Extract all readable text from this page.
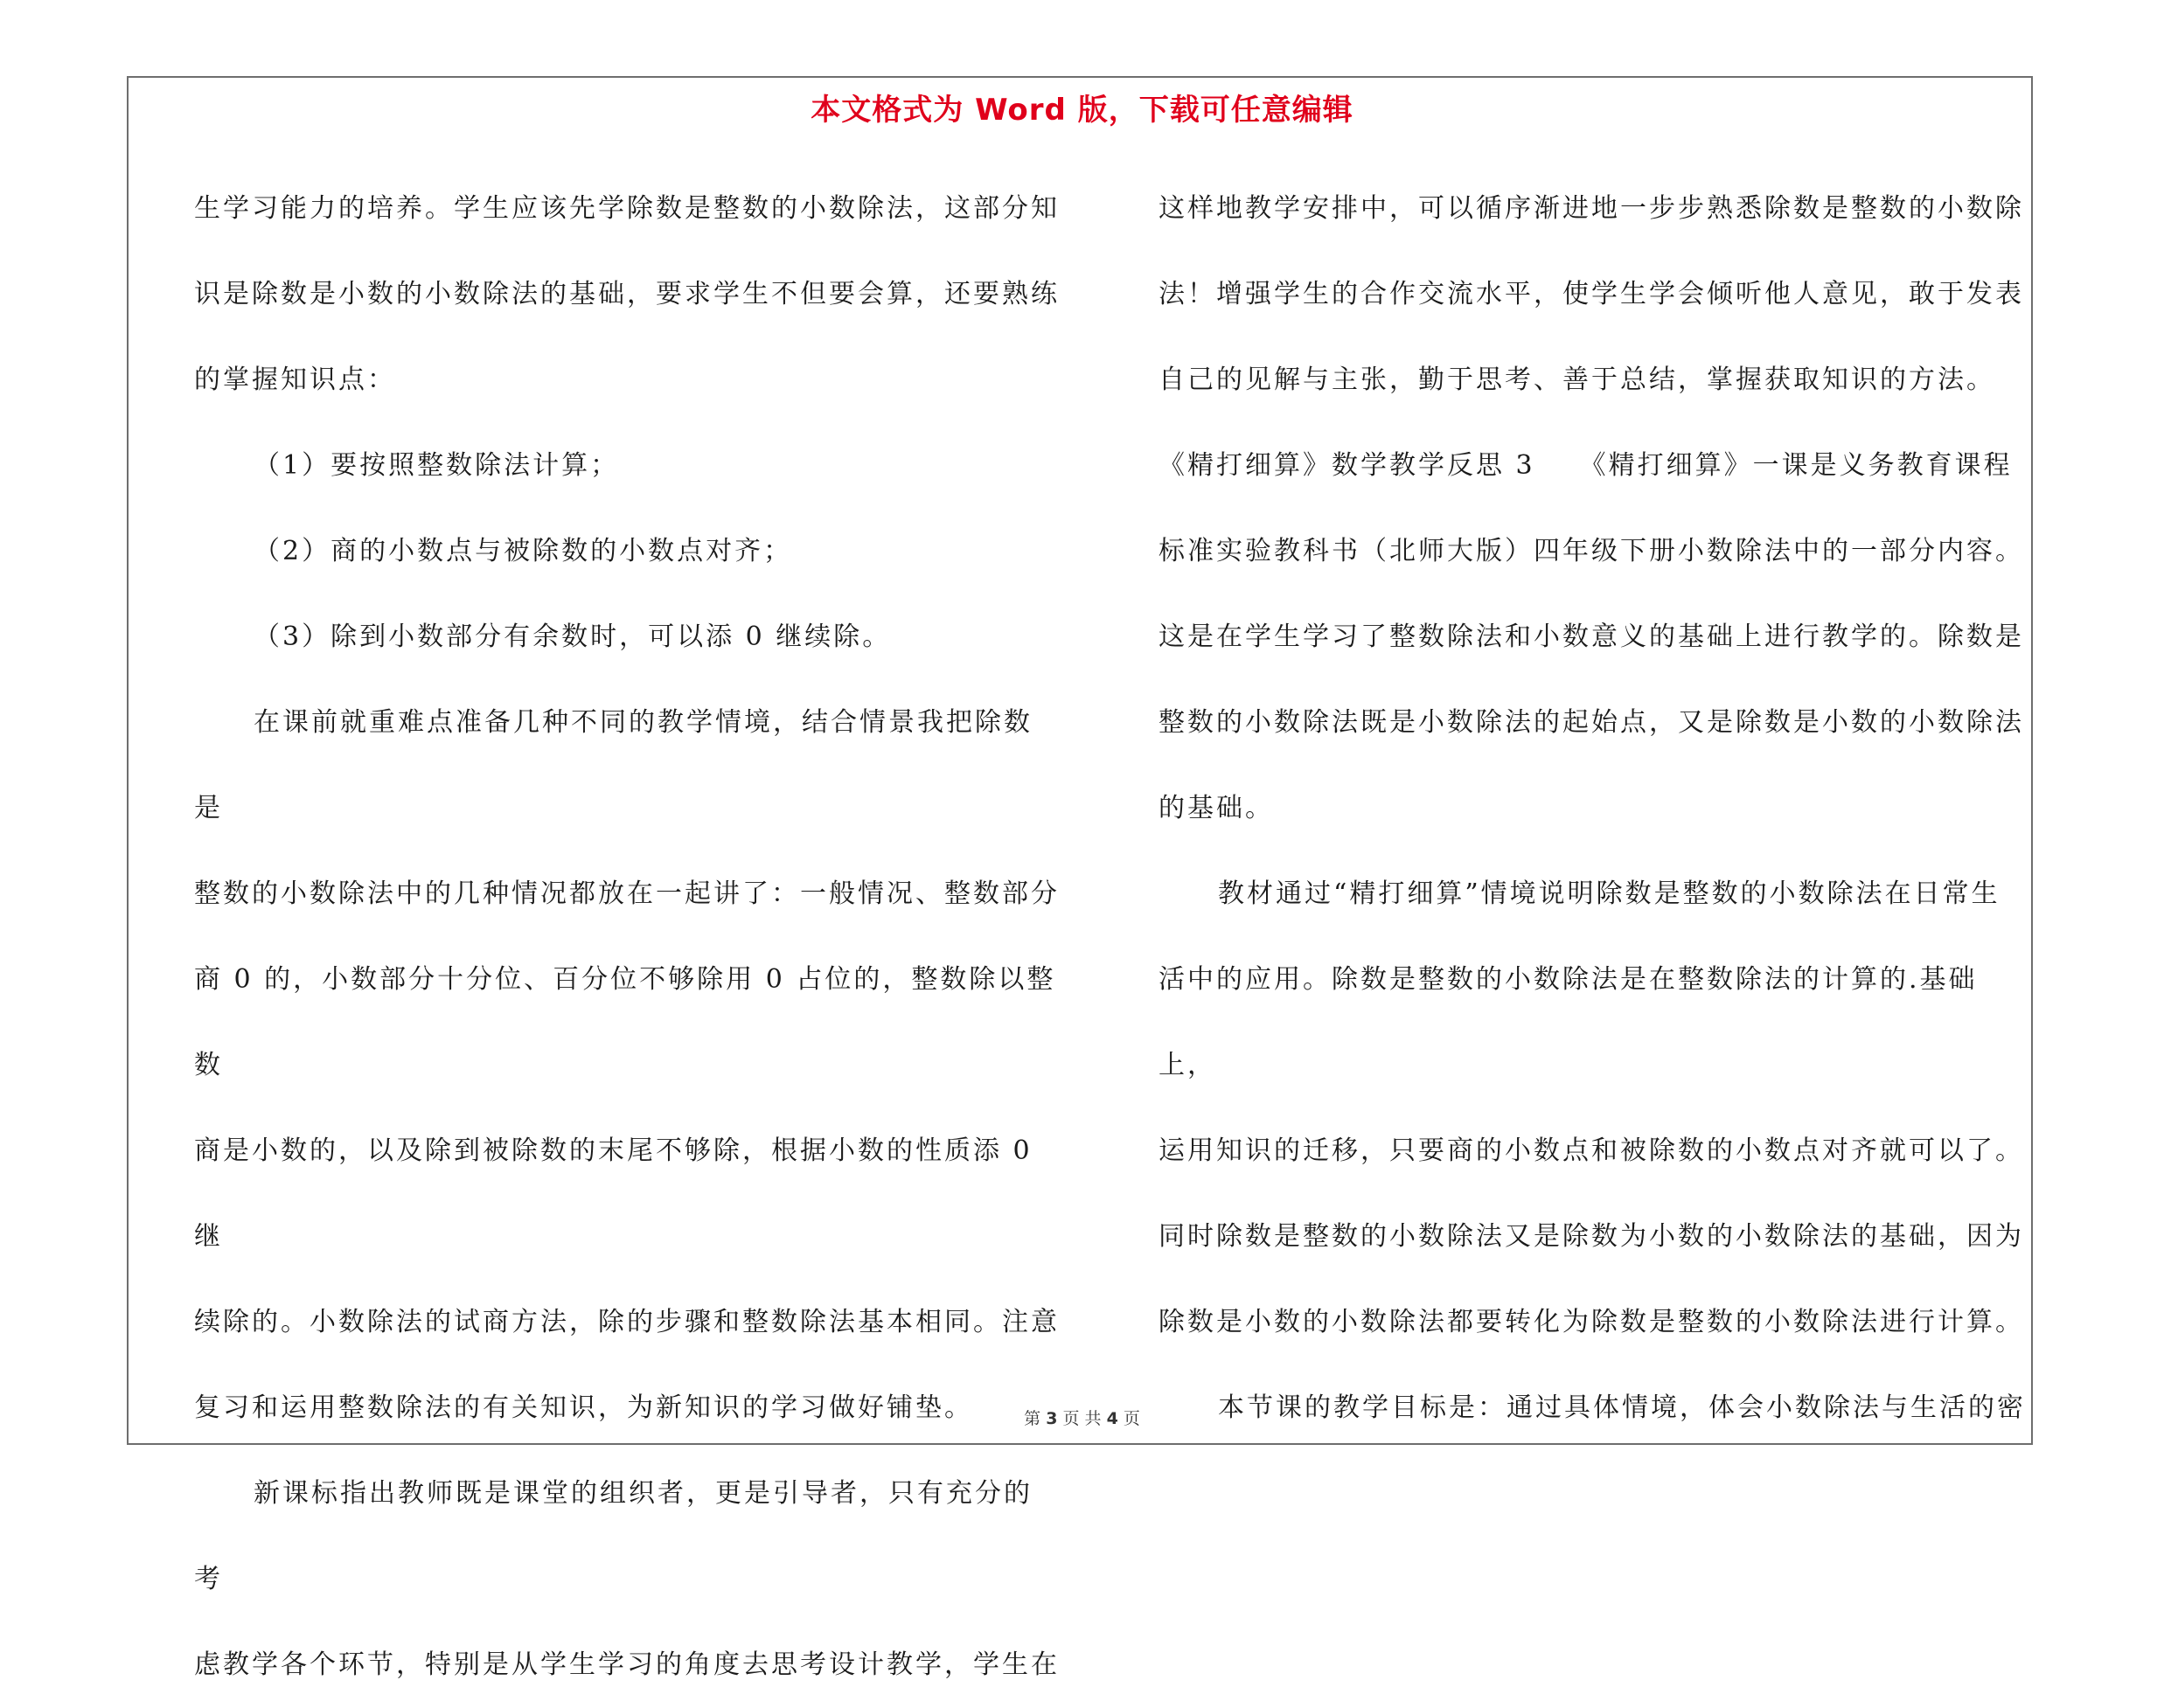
本文格式为 Word 版，下载可任意编辑

生学习能力的培养。学生应该先学除数是整数的小数除法，这部分知

识是除数是小数的小数除法的基础，要求学生不但要会算，还要熟练

的掌握知识点：

（1）要按照整数除法计算；

（2）商的小数点与被除数的小数点对齐；

（3）除到小数部分有余数时，可以添 0 继续除。

在课前就重难点准备几种不同的教学情境，结合情景我把除数是

整数的小数除法中的几种情况都放在一起讲了：一般情况、整数部分

商 0 的，小数部分十分位、百分位不够除用 0 占位的，整数除以整数

商是小数的，以及除到被除数的末尾不够除，根据小数的性质添 0 继

续除的。小数除法的试商方法，除的步骤和整数除法基本相同。注意

复习和运用整数除法的有关知识，为新知识的学习做好铺垫。

新课标指出教师既是课堂的组织者，更是引导者，只有充分的考

虑教学各个环节，特别是从学生学习的角度去思考设计教学，学生在

这样地教学安排中，可以循序渐进地一步步熟悉除数是整数的小数除

法！增强学生的合作交流水平，使学生学会倾听他人意见，敢于发表

自己的见解与主张，勤于思考、善于总结，掌握获取知识的方法。

《精打细算》数学教学反思 3　　《精打细算》一课是义务教育课程

标准实验教科书（北师大版）四年级下册小数除法中的一部分内容。

这是在学生学习了整数除法和小数意义的基础上进行教学的。除数是

整数的小数除法既是小数除法的起始点，又是除数是小数的小数除法

的基础。

教材通过“精打细算”情境说明除数是整数的小数除法在日常生

活中的应用。除数是整数的小数除法是在整数除法的计算的.基础上，

运用知识的迁移，只要商的小数点和被除数的小数点对齐就可以了。

同时除数是整数的小数除法又是除数为小数的小数除法的基础，因为

除数是小数的小数除法都要转化为除数是整数的小数除法进行计算。

本节课的教学目标是：通过具体情境，体会小数除法与生活的密

第 3 页 共 4 页
